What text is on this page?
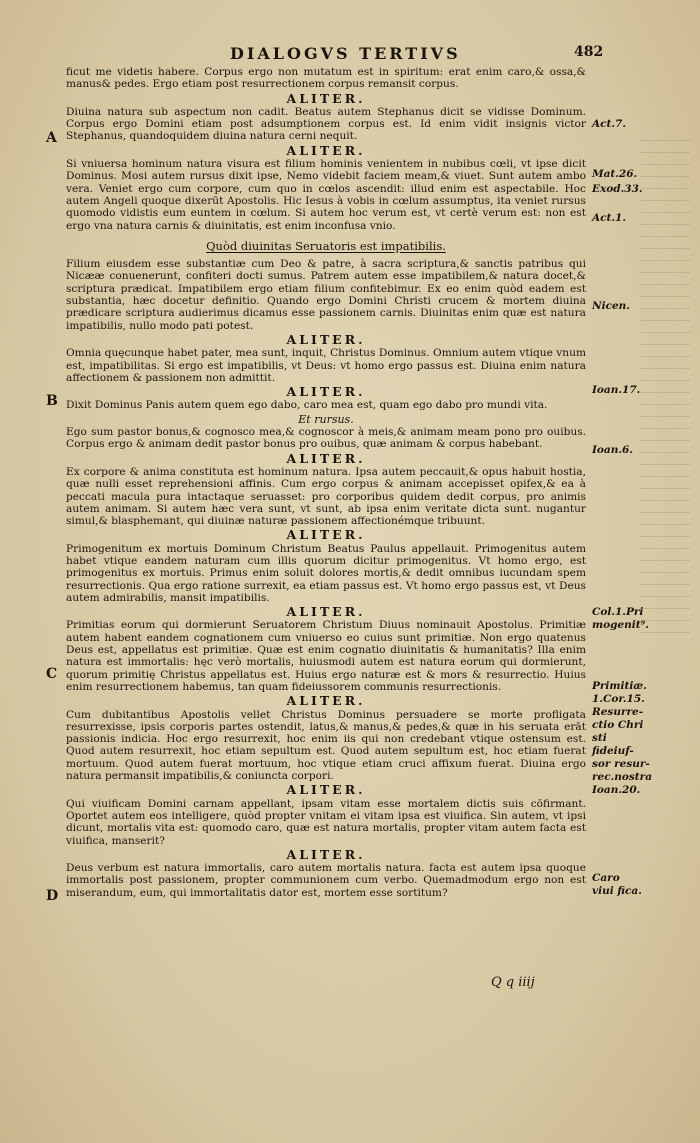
DIALOGVS TERTIVS	482
A
B
C
D
Act.7.
Mat.26.
Exod.33.
Act.1.
Nicen.
Ioan.17.
Ioan.6.
Col.1.Pri mogenit⁹.
Primitiæ. 1.Cor.15. Resurre- ctio Chri sti fideiuf- sor resur- rec.nostra Ioan.20.
Caro viui fica.

ficut me videtis habere. Corpus ergo non mutatum est in spiritum: erat enim caro,& ossa,& manus& pedes. Ergo etiam post resurrectionem corpus remansit corpus.

ALITER.

Diuina natura sub aspectum non cadit. Beatus autem Stephanus dicit se vidisse Dominum. Corpus ergo Domini etiam post adsumptionem corpus est. Id enim vidit insignis victor Stephanus, quandoquidem diuina natura cerni nequit.

ALITER.

Si vniuersa hominum natura visura est filium hominis venientem in nubibus cœli, vt ipse dicit Dominus. Mosi autem rursus dixit ipse, Nemo videbit faciem meam,& viuet. Sunt autem ambo vera. Veniet ergo cum corpore, cum quo in cœlos ascendit: illud enim est aspectabile. Hoc autem Angeli quoque dixerūt Apostolis. Hic Iesus à vobis in cœlum assumptus, ita veniet rursus quomodo vidistis eum euntem in cœlum. Si autem hoc verum est, vt certè verum est: non est ergo vna natura carnis & diuinitatis, est enim inconfusa vnio.

Quòd diuinitas Seruatoris est impatibilis.

Filium eiusdem esse substantiæ cum Deo & patre, à sacra scriptura,& sanctis patribus qui Nicææ conuenerunt, confiteri docti sumus. Patrem autem esse impatibilem,& natura docet,& scriptura prædicat. Impatibilem ergo etiam filium confitebimur. Ex eo enim quòd eadem est substantia, hæc docetur definitio. Quando ergo Domini Christi crucem & mortem diuina prædicare scriptura audierimus dicamus esse passionem carnis. Diuinitas enim quæ est natura impatibilis, nullo modo pati potest.

ALITER.

Omnia quęcunque habet pater, mea sunt, inquit, Christus Dominus. Omnium autem vtique vnum est, impatibilitas. Si ergo est impatibilis, vt Deus: vt homo ergo passus est. Diuina enim natura affectionem & passionem non admittit.

ALITER.

Dixit Dominus Panis autem quem ego dabo, caro mea est, quam ego dabo pro mundi vita.

Et rursus.

Ego sum pastor bonus,& cognosco mea,& cognoscor à meis,& animam meam pono pro ouibus. Corpus ergo & animam dedit pastor bonus pro ouibus, quæ animam & corpus habebant.

ALITER.

Ex corpore & anima constituta est hominum natura. Ipsa autem peccauit,& opus habuit hostia, quæ nulli esset reprehensioni affinis. Cum ergo corpus & animam accepisset opifex,& ea à peccati macula pura intactaque seruasset: pro corporibus quidem dedit corpus, pro animis autem animam. Si autem hæc vera sunt, vt sunt, ab ipsa enim veritate dicta sunt. nugantur simul,& blasphemant, qui diuinæ naturæ passionem affectionémque tribuunt.

ALITER.

Primogenitum ex mortuis Dominum Christum Beatus Paulus appellauit. Primogenitus autem habet vtique eandem naturam cum illis quorum dicitur primogenitus. Vt homo ergo, est primogenitus ex mortuis. Primus enim soluit dolores mortis,& dedit omnibus iucundam spem resurrectionis. Qua ergo ratione surrexit, ea etiam passus est. Vt homo ergo passus est, vt Deus autem admirabilis, mansit impatibilis.

ALITER.

Primitias eorum qui dormierunt Seruatorem Christum Diuus nominauit Apostolus. Primitiæ autem habent eandem cognationem cum vniuerso eo cuius sunt primitiæ. Non ergo quatenus Deus est, appellatus est primitiæ. Quæ est enim cognatio diuinitatis & humanitatis? Illa enim natura est immortalis: hęc verò mortalis, huiusmodi autem est natura eorum qui dormierunt, quorum primitię Christus appellatus est. Huius ergo naturæ est & mors & resurrectio. Huius enim resurrectionem habemus, tan quam fideiussorem communis resurrectionis.

ALITER.

Cum dubitantibus Apostolis vellet Christus Dominus persuadere se morte profligata resurrexisse, ipsis corporis partes ostendit, latus,& manus,& pedes,& quæ in his seruata erāt passionis indicia. Hoc ergo resurrexit, hoc enim iis qui non credebant vtique ostensum est. Quod autem resurrexit, hoc etiam sepultum est. Quod autem sepultum est, hoc etiam fuerat mortuum. Quod autem fuerat mortuum, hoc vtique etiam cruci affixum fuerat. Diuina ergo natura permansit impatibilis,& coniuncta corpori.

ALITER.

Qui viuificam Domini carnam appellant, ipsam vitam esse mortalem dictis suis cōfirmant. Oportet autem eos intelligere, quòd propter vnitam ei vitam ipsa est viuifica. Sin autem, vt ipsi dicunt, mortalis vita est: quomodo caro, quæ est natura mortalis, propter vitam autem facta est viuifica, manserit?

ALITER.

Deus verbum est natura immortalis, caro autem mortalis natura. facta est autem ipsa quoque immortalis post passionem, propter communionem cum verbo. Quemadmodum ergo non est miserandum, eum, qui immortalitatis dator est, mortem esse sortitum?

Q q iiij
